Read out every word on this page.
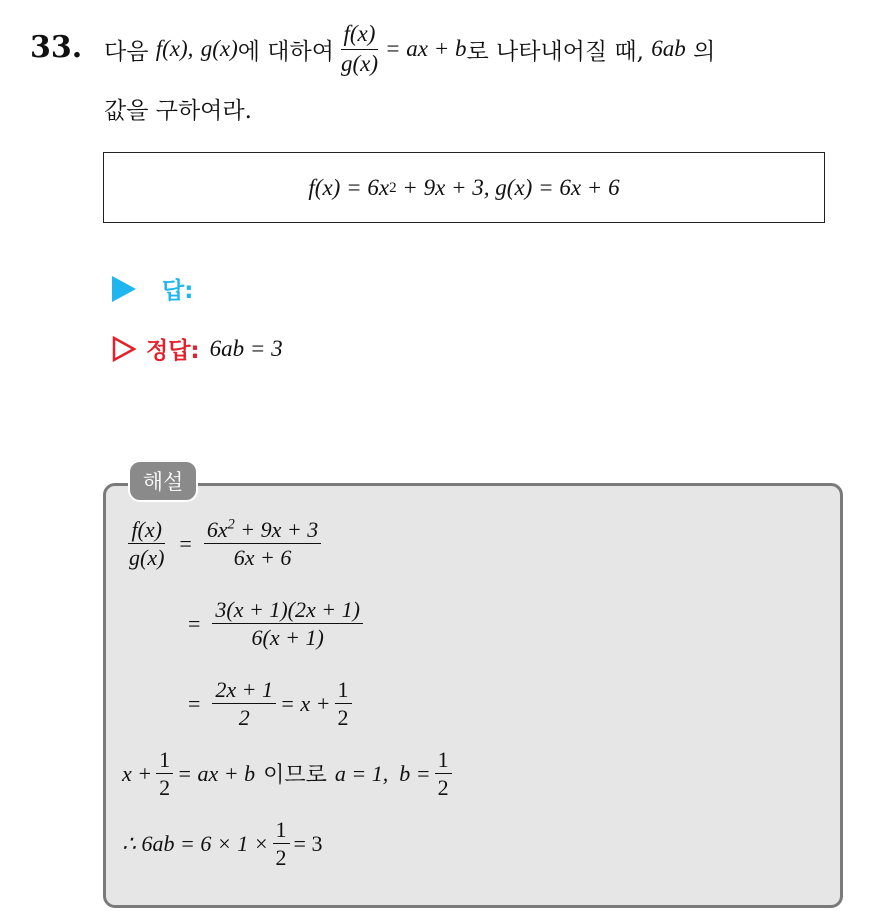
33. 다음
f(x),
g(x) 에 대하여 $\frac{f(x)}{g(x)}$ = ax + b 로 나타내어질 때,
6ab
의
값을 구하여라.
f(x) = 6x 2 + 9x + 3,
g(x) = 6x + 6
답:
정답: 6ab = 3
해설
$\frac{f(x)}{g(x)} = \frac{6x^2 + 9x + 3}{6x + 6}$
= $\frac{3(x + 1)(2x + 1)}{6(x + 1)}$
= $\frac{2x + 1}{2} = x + \frac{1}{2}$
$x + \frac{1}{2}$ = ax + b 이므로 a = 1,
$b = \frac{1}{2}$
∴ $6ab = 6 \times 1 \times \frac{1}{2} = 3$
